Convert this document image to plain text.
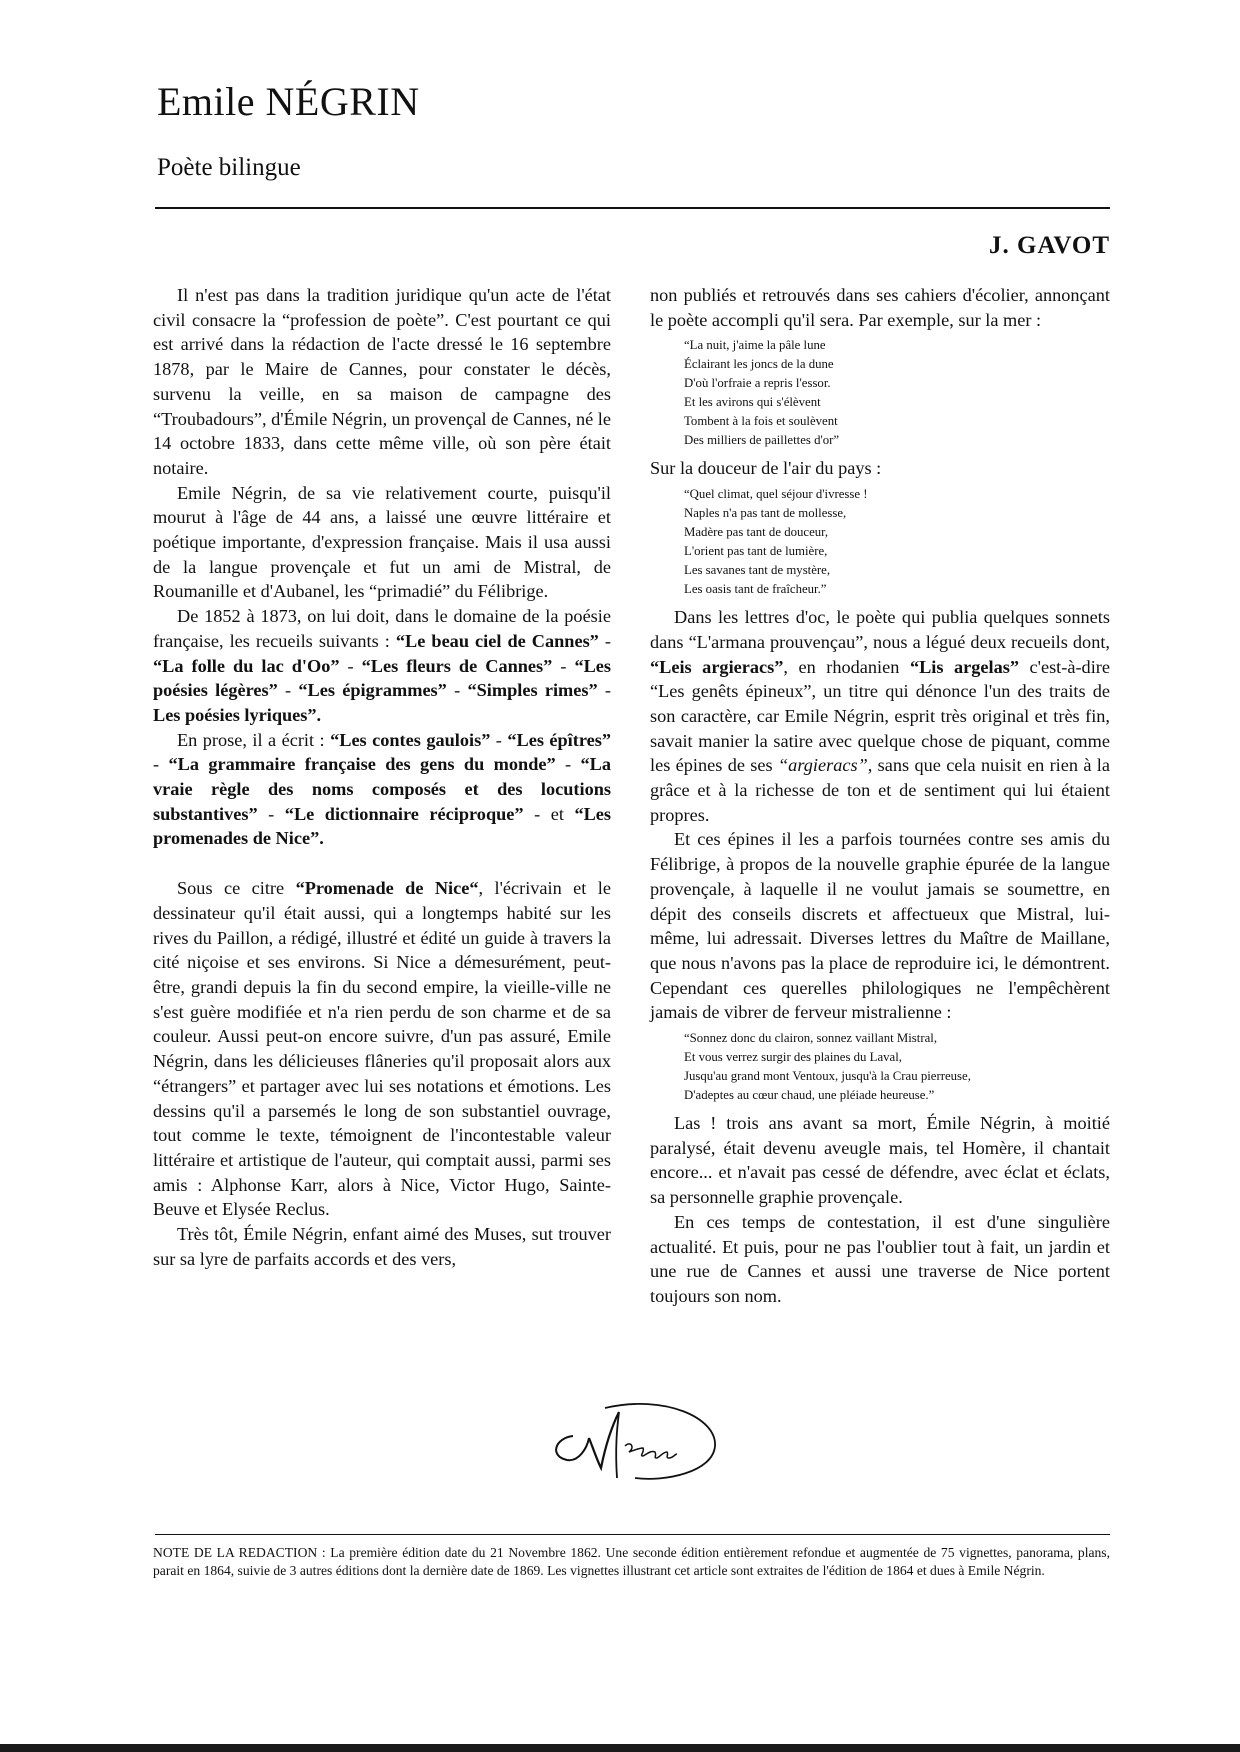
Emile NÉGRIN
Poète bilingue
J. GAVOT

Il n'est pas dans la tradition juridique qu'un acte de l'état civil consacre la “profession de poète”. C'est pourtant ce qui est arrivé dans la rédaction de l'acte dressé le 16 septembre 1878, par le Maire de Cannes, pour constater le décès, survenu la veille, en sa maison de campagne des “Troubadours”, d'Émile Négrin, un provençal de Cannes, né le 14 octobre 1833, dans cette même ville, où son père était notaire.

Emile Négrin, de sa vie relativement courte, puisqu'il mourut à l'âge de 44 ans, a laissé une œuvre littéraire et poétique importante, d'expression française. Mais il usa aussi de la langue provençale et fut un ami de Mistral, de Roumanille et d'Aubanel, les “primadié” du Félibrige.

De 1852 à 1873, on lui doit, dans le domaine de la poésie française, les recueils suivants : “Le beau ciel de Cannes” - “La folle du lac d'Oo” - “Les fleurs de Cannes” - “Les poésies légères” - “Les épigrammes” - “Simples rimes” - Les poésies lyriques”.

En prose, il a écrit : “Les contes gaulois” - “Les épîtres” - “La grammaire française des gens du monde” - “La vraie règle des noms composés et des locutions substantives” - “Le dictionnaire réciproque” - et “Les promenades de Nice”.

Sous ce citre “Promenade de Nice“, l'écrivain et le dessinateur qu'il était aussi, qui a longtemps habité sur les rives du Paillon, a rédigé, illustré et édité un guide à travers la cité niçoise et ses environs. Si Nice a démesurément, peut-être, grandi depuis la fin du second empire, la vieille-ville ne s'est guère modifiée et n'a rien perdu de son charme et de sa couleur. Aussi peut-on encore suivre, d'un pas assuré, Emile Négrin, dans les délicieuses flâneries qu'il proposait alors aux “étrangers” et partager avec lui ses notations et émotions. Les dessins qu'il a parsemés le long de son substantiel ouvrage, tout comme le texte, témoignent de l'incontestable valeur littéraire et artistique de l'auteur, qui comptait aussi, parmi ses amis : Alphonse Karr, alors à Nice, Victor Hugo, Sainte-Beuve et Elysée Reclus.

Très tôt, Émile Négrin, enfant aimé des Muses, sut trouver sur sa lyre de parfaits accords et des vers,

non publiés et retrouvés dans ses cahiers d'écolier, annonçant le poète accompli qu'il sera. Par exemple, sur la mer :

“La nuit, j'aime la pâle lune
Éclairant les joncs de la dune
D'où l'orfraie a repris l'essor.
Et les avirons qui s'élèvent
Tombent à la fois et soulèvent
Des milliers de paillettes d'or”

Sur la douceur de l'air du pays :

“Quel climat, quel séjour d'ivresse !
Naples n'a pas tant de mollesse,
Madère pas tant de douceur,
L'orient pas tant de lumière,
Les savanes tant de mystère,
Les oasis tant de fraîcheur.”

Dans les lettres d'oc, le poète qui publia quelques sonnets dans “L'armana prouvençau”, nous a légué deux recueils dont, “Leis argieracs”, en rhodanien “Lis argelas” c'est-à-dire “Les genêts épineux”, un titre qui dénonce l'un des traits de son caractère, car Emile Négrin, esprit très original et très fin, savait manier la satire avec quelque chose de piquant, comme les épines de ses “argieracs”, sans que cela nuisit en rien à la grâce et à la richesse de ton et de sentiment qui lui étaient propres.

Et ces épines il les a parfois tournées contre ses amis du Félibrige, à propos de la nouvelle graphie épurée de la langue provençale, à laquelle il ne voulut jamais se soumettre, en dépit des conseils discrets et affectueux que Mistral, lui-même, lui adressait. Diverses lettres du Maître de Maillane, que nous n'avons pas la place de reproduire ici, le démontrent. Cependant ces querelles philologiques ne l'empêchèrent jamais de vibrer de ferveur mistralienne :

“Sonnez donc du clairon, sonnez vaillant Mistral,
Et vous verrez surgir des plaines du Laval,
Jusqu'au grand mont Ventoux, jusqu'à la Crau pierreuse,
D'adeptes au cœur chaud, une pléiade heureuse.”

Las ! trois ans avant sa mort, Émile Négrin, à moitié paralysé, était devenu aveugle mais, tel Homère, il chantait encore... et n'avait pas cessé de défendre, avec éclat et éclats, sa personnelle graphie provençale.

En ces temps de contestation, il est d'une singulière actualité. Et puis, pour ne pas l'oublier tout à fait, un jardin et une rue de Cannes et aussi une traverse de Nice portent toujours son nom.

NOTE DE LA REDACTION : La première édition date du 21 Novembre 1862. Une seconde édition entièrement refondue et augmentée de 75 vignettes, panorama, plans, parait en 1864, suivie de 3 autres éditions dont la dernière date de 1869. Les vignettes illustrant cet article sont extraites de l'édition de 1864 et dues à Emile Négrin.
